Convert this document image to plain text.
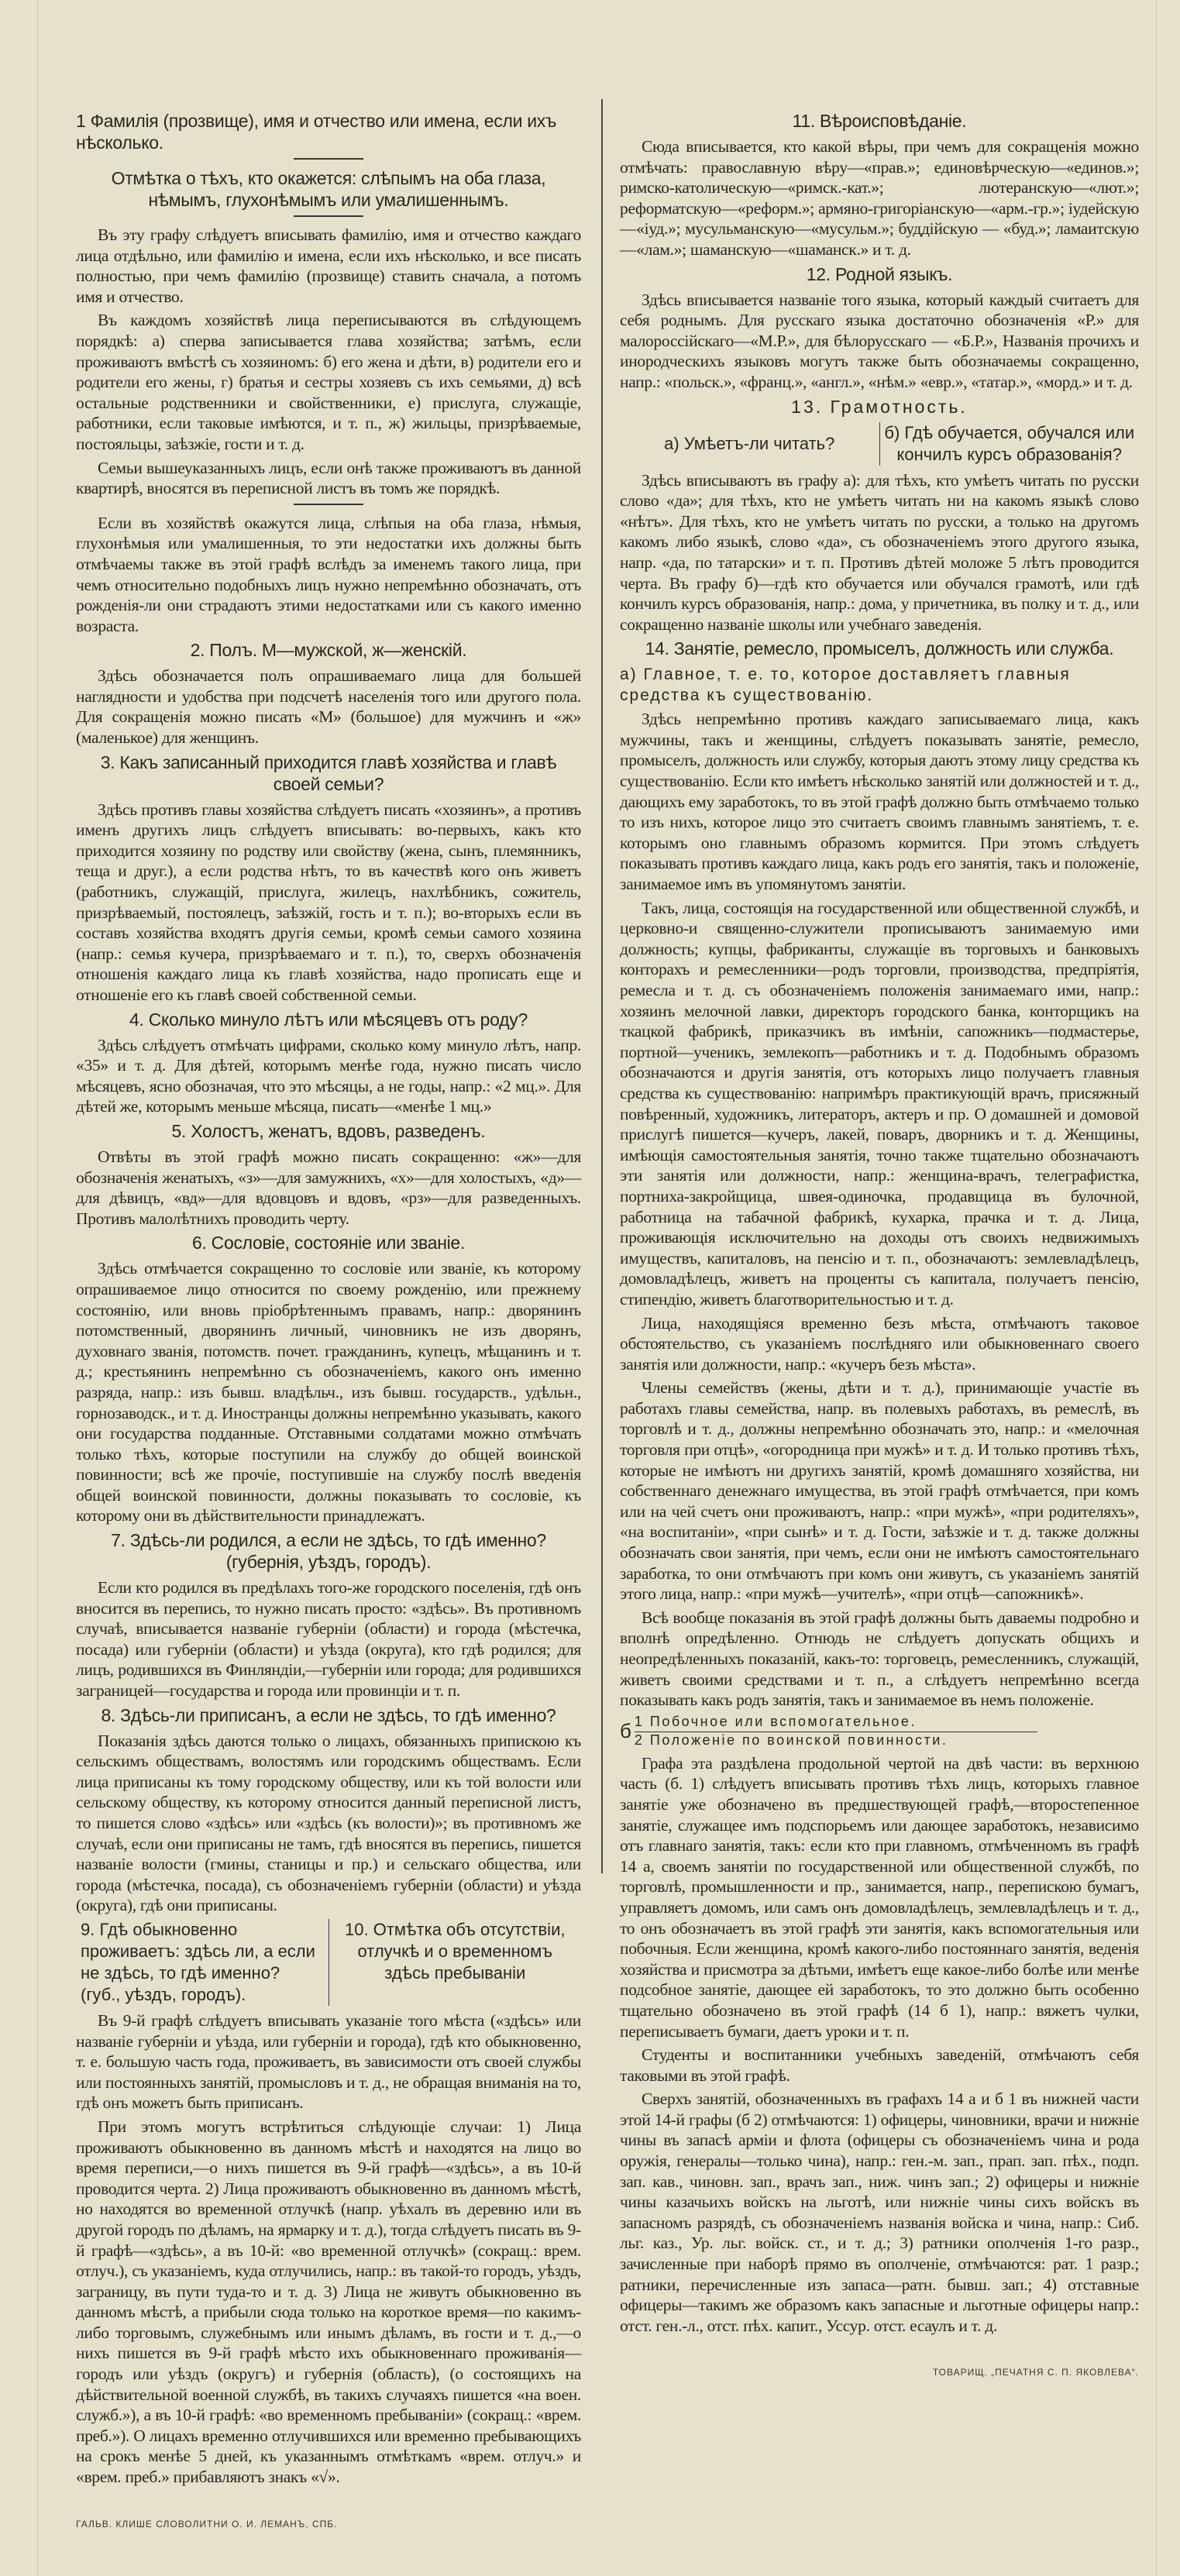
1 Фамилія (прозвище), имя и отчество или имена, если ихъ нѣсколько.
Отмѣтка о тѣхъ, кто окажется: слѣпымъ на оба глаза, нѣмымъ, глухонѣмымъ или умалишеннымъ.

Въ эту графу слѣдуетъ вписывать фамилію, имя и отчество каждаго лица отдѣльно, или фамилію и имена, если ихъ нѣсколько, и все писать полностью, при чемъ фамилію (прозвище) ставить сначала, а потомъ имя и отчество.

Въ каждомъ хозяйствѣ лица переписываются въ слѣдующемъ порядкѣ: а) сперва записывается глава хозяйства; затѣмъ, если проживаютъ вмѣстѣ съ хозяиномъ: б) его жена и дѣти, в) родители его и родители его жены, г) братья и сестры хозяевъ съ ихъ семьями, д) всѣ остальные родственники и свойственники, е) прислуга, служащіе, работники, если таковые имѣются, и т. п., ж) жильцы, призрѣваемые, постояльцы, заѣзжіе, гости и т. д.

Семьи вышеуказанныхъ лицъ, если онѣ также проживаютъ въ данной квартирѣ, вносятся въ переписной листъ въ томъ же порядкѣ.

Если въ хозяйствѣ окажутся лица, слѣпыя на оба глаза, нѣмыя, глухонѣмыя или умалишенныя, то эти недостатки ихъ должны быть отмѣчаемы также въ этой графѣ вслѣдъ за именемъ такого лица, при чемъ относительно подобныхъ лицъ нужно непремѣнно обозначать, отъ рожденія-ли они страдаютъ этими недостатками или съ какого именно возраста.

2. Полъ. М—мужской, ж—женскій.

Здѣсь обозначается полъ опрашиваемаго лица для большей наглядности и удобства при подсчетѣ населенія того или другого пола. Для сокращенія можно писать «М» (большое) для мужчинъ и «ж» (маленькое) для женщинъ.

3. Какъ записанный приходится главѣ хозяйства и главѣ своей семьи?

Здѣсь противъ главы хозяйства слѣдуетъ писать «хозяинъ», а противъ именъ другихъ лицъ слѣдуетъ вписывать: во-первыхъ, какъ кто приходится хозяину по родству или свойству (жена, сынъ, племянникъ, теща и друг.), а если родства нѣтъ, то въ качествѣ кого онъ живетъ (работникъ, служащій, прислуга, жилецъ, нахлѣбникъ, сожитель, призрѣваемый, постоялецъ, заѣзжій, гость и т. п.); во-вторыхъ если въ составъ хозяйства входятъ другія семьи, кромѣ семьи самого хозяина (напр.: семья кучера, призрѣваемаго и т. п.), то, сверхъ обозначенія отношенія каждаго лица къ главѣ хозяйства, надо прописать еще и отношеніе его къ главѣ своей собственной семьи.

4. Сколько минуло лѣтъ или мѣсяцевъ отъ роду?

Здѣсь слѣдуетъ отмѣчать цифрами, сколько кому минуло лѣтъ, напр. «35» и т. д. Для дѣтей, которымъ менѣе года, нужно писать число мѣсяцевъ, ясно обозначая, что это мѣсяцы, а не годы, напр.: «2 мц.». Для дѣтей же, которымъ меньше мѣсяца, писать—«менѣе 1 мц.»

5. Холостъ, женатъ, вдовъ, разведенъ.

Отвѣты въ этой графѣ можно писать сокращенно: «ж»—для обозначенія женатыхъ, «з»—для замужнихъ, «х»—для холостыхъ, «д»—для дѣвицъ, «вд»—для вдовцовъ и вдовъ, «рз»—для разведенныхъ. Противъ малолѣтнихъ проводить черту.

6. Сословіе, состояніе или званіе.

Здѣсь отмѣчается сокращенно то сословіе или званіе, къ которому опрашиваемое лицо относится по своему рожденію, или прежнему состоянію, или вновь пріобрѣтеннымъ правамъ, напр.: дворянинъ потомственный, дворянинъ личный, чиновникъ не изъ дворянъ, духовнаго званія, потомств. почет. гражданинъ, купецъ, мѣщанинъ и т. д.; крестьянинъ непремѣнно съ обозначеніемъ, какого онъ именно разряда, напр.: изъ бывш. владѣльч., изъ бывш. государств., удѣльн., горнозаводск., и т. д. Иностранцы должны непремѣнно указывать, какого они государства подданные. Отставными солдатами можно отмѣчать только тѣхъ, которые поступили на службу до общей воинской повинности; всѣ же прочіе, поступившіе на службу послѣ введенія общей воинской повинности, должны показывать то сословіе, къ которому они въ дѣйствительности принадлежатъ.

7. Здѣсь-ли родился, а если не здѣсь, то гдѣ именно? (губернія, уѣздъ, городъ).

Если кто родился въ предѣлахъ того-же городского поселенія, гдѣ онъ вносится въ перепись, то нужно писать просто: «здѣсь». Въ противномъ случаѣ, вписывается названіе губерніи (области) и города (мѣстечка, посада) или губерніи (области) и уѣзда (округа), кто гдѣ родился; для лицъ, родившихся въ Финляндіи,—губерніи или города; для родившихся заграницей—государства и города или провинціи и т. п.

8. Здѣсь-ли приписанъ, а если не здѣсь, то гдѣ именно?

Показанія здѣсь даются только о лицахъ, обязанныхъ припискою къ сельскимъ обществамъ, волостямъ или городскимъ обществамъ. Если лица приписаны къ тому городскому обществу, или къ той волости или сельскому обществу, къ которому относится данный переписной листъ, то пишется слово «здѣсь» или «здѣсь (къ волости)»; въ противномъ же случаѣ, если они приписаны не тамъ, гдѣ вносятся въ перепись, пишется названіе волости (гмины, станицы и пр.) и сельскаго общества, или города (мѣстечка, посада), съ обозначеніемъ губерніи (области) и уѣзда (округа), гдѣ они приписаны.

9. Гдѣ обыкновенно проживаетъ: здѣсь ли, а если не здѣсь, то гдѣ именно? (губ., уѣздъ, городъ).
10. Отмѣтка объ отсутствіи, отлучкѣ и о временномъ здѣсь пребываніи

Въ 9-й графѣ слѣдуетъ вписывать указаніе того мѣста («здѣсь» или названіе губерніи и уѣзда, или губерніи и города), гдѣ кто обыкновенно, т. е. большую часть года, проживаетъ, въ зависимости отъ своей службы или постоянныхъ занятій, промысловъ и т. д., не обращая вниманія на то, гдѣ онъ можетъ быть приписанъ.

При этомъ могутъ встрѣтиться слѣдующіе случаи: 1) Лица проживаютъ обыкновенно въ данномъ мѣстѣ и находятся на лицо во время переписи,—о нихъ пишется въ 9-й графѣ—«здѣсь», а въ 10-й проводится черта. 2) Лица проживаютъ обыкновенно въ данномъ мѣстѣ, но находятся во временной отлучкѣ (напр. уѣхалъ въ деревню или въ другой городъ по дѣламъ, на ярмарку и т. д.), тогда слѣдуетъ писать въ 9-й графѣ—«здѣсь», а въ 10-й: «во временной отлучкѣ» (сокращ.: врем. отлуч.), съ указаніемъ, куда отлучились, напр.: въ такой-то городъ, уѣздъ, заграницу, въ пути туда-то и т. д. 3) Лица не живутъ обыкновенно въ данномъ мѣстѣ, а прибыли сюда только на короткое время—по какимъ-либо торговымъ, служебнымъ или инымъ дѣламъ, въ гости и т. д.,—о нихъ пишется въ 9-й графѣ мѣсто ихъ обыкновеннаго проживанія—городъ или уѣздъ (округъ) и губернія (область), (о состоящихъ на дѣйствительной военной службѣ, въ такихъ случаяхъ пишется «на воен. служб.»), а въ 10-й графѣ: «во временномъ пребываніи» (сокращ.: «врем. преб.»). О лицахъ временно отлучившихся или временно пребывающихъ на срокъ менѣе 5 дней, къ указаннымъ отмѣткамъ «врем. отлуч.» и «врем. преб.» прибавляютъ знакъ «√».

ГАЛЬВ. КЛИШЕ СЛОВОЛИТНИ О. И. ЛЕМАНЪ, СПБ.
11. Вѣроисповѣданіе.

Сюда вписывается, кто какой вѣры, при чемъ для сокращенія можно отмѣчать: православную вѣру—«прав.»; единовѣрческую—«единов.»; римско-католическую—«римск.-кат.»; лютеранскую—«лют.»; реформатскую—«реформ.»; армяно-григоріанскую—«арм.-гр.»; іудейскую—«іуд.»; мусульманскую—«мусульм.»; буддійскую — «буд.»; ламаитскую—«лам.»; шаманскую—«шаманск.» и т. д.

12. Родной языкъ.

Здѣсь вписывается названіе того языка, который каждый считаетъ для себя роднымъ. Для русскаго языка достаточно обозначенія «Р.» для малороссійскаго—«М.Р.», для бѣлорусскаго — «Б.Р.», Названія прочихъ и инородческихъ языковъ могутъ также быть обозначаемы сокращенно, напр.: «польск.», «франц.», «англ.», «нѣм.» «евр.», «татар.», «морд.» и т. д.

13. Грамотность.
а) Умѣетъ-ли читать?
б) Гдѣ обучается, обучался или кончилъ курсъ образованія?

Здѣсь вписываютъ въ графу а): для тѣхъ, кто умѣетъ читать по русски слово «да»; для тѣхъ, кто не умѣетъ читать ни на какомъ языкѣ слово «нѣтъ». Для тѣхъ, кто не умѣетъ читать по русски, а только на другомъ какомъ либо языкѣ, слово «да», съ обозначеніемъ этого другого языка, напр. «да, по татарски» и т. п. Противъ дѣтей моложе 5 лѣтъ проводится черта. Въ графу б)—гдѣ кто обучается или обучался грамотѣ, или гдѣ кончилъ курсъ образованія, напр.: дома, у причетника, въ полку и т. д., или сокращенно названіе школы или учебнаго заведенія.

14. Занятіе, ремесло, промыселъ, должность или служба.
а) Главное, т. е. то, которое доставляетъ главныя средства къ существованію.

Здѣсь непремѣнно противъ каждаго записываемаго лица, какъ мужчины, такъ и женщины, слѣдуетъ показывать занятіе, ремесло, промыселъ, должность или службу, которыя даютъ этому лицу средства къ существованію. Если кто имѣетъ нѣсколько занятій или должностей и т. д., дающихъ ему заработокъ, то въ этой графѣ должно быть отмѣчаемо только то изъ нихъ, которое лицо это считаетъ своимъ главнымъ занятіемъ, т. е. которымъ оно главнымъ образомъ кормится. При этомъ слѣдуетъ показывать противъ каждаго лица, какъ родъ его занятія, такъ и положеніе, занимаемое имъ въ упомянутомъ занятіи.

Такъ, лица, состоящія на государственной или общественной службѣ, и церковно-и священно-служители прописываютъ занимаемую ими должность; купцы, фабриканты, служащіе въ торговыхъ и банковыхъ конторахъ и ремесленники—родъ торговли, производства, предпріятія, ремесла и т. д. съ обозначеніемъ положенія занимаемаго ими, напр.: хозяинъ мелочной лавки, директоръ городского банка, конторщикъ на ткацкой фабрикѣ, приказчикъ въ имѣніи, сапожникъ—подмастерье, портной—ученикъ, землекопъ—работникъ и т. д. Подобнымъ образомъ обозначаются и другія занятія, отъ которыхъ лицо получаетъ главныя средства къ существованію: напримѣръ практикующій врачъ, присяжный повѣренный, художникъ, литераторъ, актеръ и пр. О домашней и домовой прислугѣ пишется—кучеръ, лакей, поваръ, дворникъ и т. д. Женщины, имѣющія самостоятельныя занятія, точно также тщательно обозначаютъ эти занятія или должности, напр.: женщина-врачъ, телеграфистка, портниха-закройщица, швея-одиночка, продавщица въ булочной, работница на табачной фабрикѣ, кухарка, прачка и т. д. Лица, проживающія исключительно на доходы отъ своихъ недвижимыхъ имуществъ, капиталовъ, на пенсію и т. п., обозначаютъ: землевладѣлецъ, домовладѣлецъ, живетъ на проценты съ капитала, получаетъ пенсію, стипендію, живетъ благотворительностью и т. д.

Лица, находящіяся временно безъ мѣста, отмѣчаютъ таковое обстоятельство, съ указаніемъ послѣдняго или обыкновеннаго своего занятія или должности, напр.: «кучеръ безъ мѣста».

Члены семействъ (жены, дѣти и т. д.), принимающіе участіе въ работахъ главы семейства, напр. въ полевыхъ работахъ, въ ремеслѣ, въ торговлѣ и т. д., должны непремѣнно обозначать это, напр.: и «мелочная торговля при отцѣ», «огородница при мужѣ» и т. д. И только противъ тѣхъ, которые не имѣютъ ни другихъ занятій, кромѣ домашняго хозяйства, ни собственнаго денежнаго имущества, въ этой графѣ отмѣчается, при комъ или на чей счетъ они проживаютъ, напр.: «при мужѣ», «при родителяхъ», «на воспитаніи», «при сынѣ» и т. д. Гости, заѣзжіе и т. д. также должны обозначать свои занятія, при чемъ, если они не имѣютъ самостоятельнаго заработка, то они отмѣчаютъ при комъ они живутъ, съ указаніемъ занятій этого лица, напр.: «при мужѣ—учителѣ», «при отцѣ—сапожникѣ».

Всѣ вообще показанія въ этой графѣ должны быть даваемы подробно и вполнѣ опредѣленно. Отнюдь не слѣдуетъ допускать общихъ и неопредѣленныхъ показаній, какъ-то: торговецъ, ремесленникъ, служащій, живетъ своими средствами и т. п., а слѣдуетъ непремѣнно всегда показывать какъ родъ занятія, такъ и занимаемое въ немъ положеніе.

б 1 Побочное или вспомогательное.
2 Положеніе по воинской повинности.

Графа эта раздѣлена продольной чертой на двѣ части: въ верхнюю часть (б. 1) слѣдуетъ вписывать противъ тѣхъ лицъ, которыхъ главное занятіе уже обозначено въ предшествующей графѣ,—второстепенное занятіе, служащее имъ подспорьемъ или дающее заработокъ, независимо отъ главнаго занятія, такъ: если кто при главномъ, отмѣченномъ въ графѣ 14 а, своемъ занятіи по государственной или общественной службѣ, по торговлѣ, промышленности и пр., занимается, напр., перепискою бумагъ, управляетъ домомъ, или самъ онъ домовладѣлецъ, землевладѣлецъ и т. д., то онъ обозначаетъ въ этой графѣ эти занятія, какъ вспомогательныя или побочныя. Если женщина, кромѣ какого-либо постояннаго занятія, веденія хозяйства и присмотра за дѣтьми, имѣетъ еще какое-либо болѣе или менѣе подсобное занятіе, дающее ей заработокъ, то это должно быть особенно тщательно обозначено въ этой графѣ (14 б 1), напр.: вяжетъ чулки, переписываетъ бумаги, даетъ уроки и т. п.

Студенты и воспитанники учебныхъ заведеній, отмѣчаютъ себя таковыми въ этой графѣ.

Сверхъ занятій, обозначенныхъ въ графахъ 14 а и б 1 въ нижней части этой 14-й графы (б 2) отмѣчаются: 1) офицеры, чиновники, врачи и нижніе чины въ запасѣ арміи и флота (офицеры съ обозначеніемъ чина и рода оружія, генералы—только чина), напр.: ген.-м. зап., прап. зап. пѣх., подп. зап. кав., чиновн. зап., врачъ зап., ниж. чинъ зап.; 2) офицеры и нижніе чины казачьихъ войскъ на льготѣ, или нижніе чины сихъ войскъ въ запасномъ разрядѣ, съ обозначеніемъ названія войска и чина, напр.: Сиб. льг. каз., Ур. льг. войск. ст., и т. д.; 3) ратники ополченія 1-го разр., зачисленные при наборѣ прямо въ ополченіе, отмѣчаются: рат. 1 разр.; ратники, перечисленные изъ запаса—ратн. бывш. зап.; 4) отставные офицеры—такимъ же образомъ какъ запасные и льготные офицеры напр.: отст. ген.-л., отст. пѣх. капит., Уссур. отст. есаулъ и т. д.

ТОВАРИЩ. „ПЕЧАТНЯ С. П. ЯКОВЛЕВА“.
